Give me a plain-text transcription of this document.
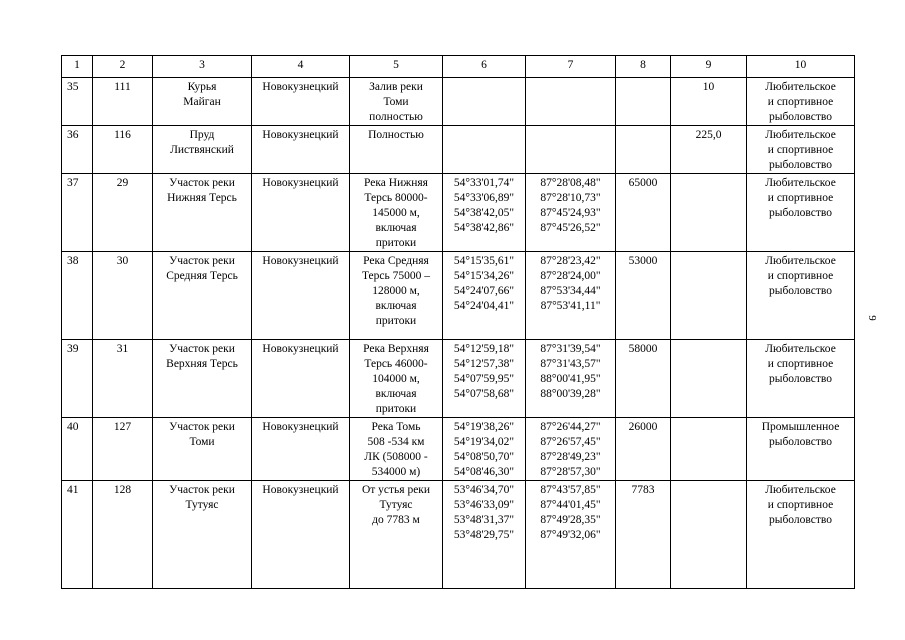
1	2	3	4	5	6	7	8	9	10
35	111	Курья
Майган	Новокузнецкий	Залив реки
Томи
полностью				10	Любительское
и спортивное
рыболовство

36	116	Пруд
Листвянский	Новокузнецкий	Полностью				225,0	Любительское
и спортивное
рыболовство

37	29	Участок реки
Нижняя Терсь	Новокузнецкий	Река Нижняя
Терсь 80000-
145000 м,
включая
притоки	54°33'01,74"
54°33'06,89"
54°38'42,05"
54°38'42,86"	87°28'08,48"
87°28'10,73"
87°45'24,93"
87°45'26,52"	65000		Любительское
и спортивное
рыболовство

38	30	Участок реки
Средняя Терсь	Новокузнецкий	Река Средняя
Терсь 75000 –
128000 м,
включая
притоки	54°15'35,61"
54°15'34,26"
54°24'07,66"
54°24'04,41"	87°28'23,42"
87°28'24,00"
87°53'34,44"
87°53'41,11"	53000		Любительское
и спортивное
рыболовство

39	31	Участок реки
Верхняя Терсь	Новокузнецкий	Река Верхняя
Терсь 46000-
104000 м,
включая
притоки	54°12'59,18"
54°12'57,38"
54°07'59,95"
54°07'58,68"	87°31'39,54"
87°31'43,57"
88°00'41,95"
88°00'39,28"	58000		Любительское
и спортивное
рыболовство

40	127	Участок реки
Томи	Новокузнецкий	Река Томь
508 -534 км
ЛК (508000 -
534000 м)	54°19'38,26"
54°19'34,02"
54°08'50,70"
54°08'46,30"	87°26'44,27"
87°26'57,45"
87°28'49,23"
87°28'57,30"	26000		Промышленное
рыболовство

41	128	Участок реки
Тутуяс	Новокузнецкий	От устья реки
Тутуяс
до 7783 м	53°46'34,70"
53°46'33,09"
53°48'31,37"
53°48'29,75"	87°43'57,85"
87°44'01,45"
87°49'28,35"
87°49'32,06"	7783		Любительское
и спортивное
рыболовство
9
